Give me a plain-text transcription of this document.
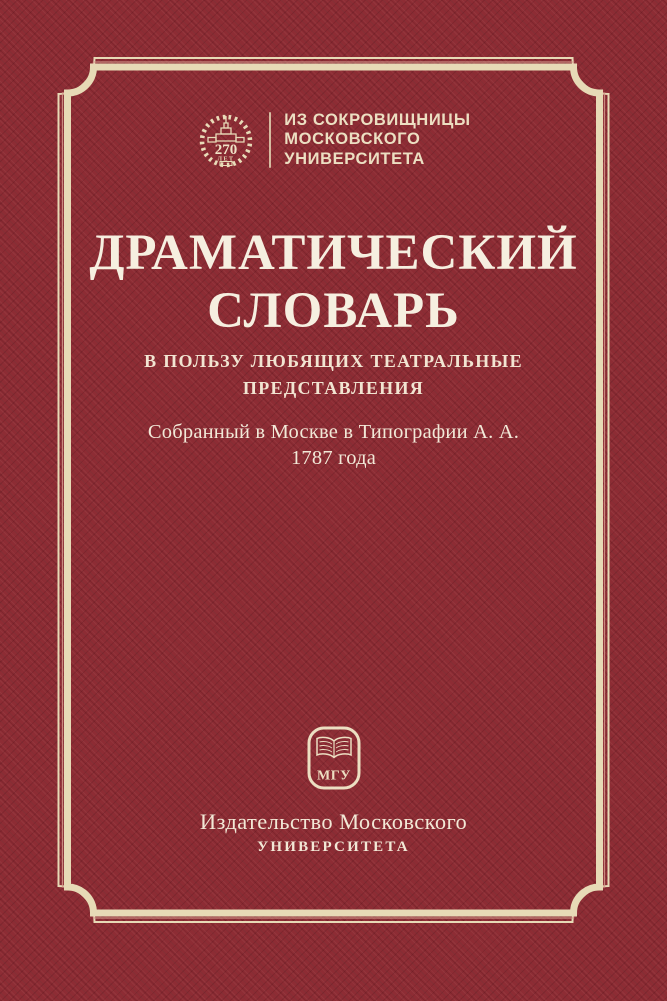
270
ЛЕТ
ИЗ СОКРОВИЩНИЦЫ
МОСКОВСКОГО
УНИВЕРСИТЕТА
ДРАМАТИЧЕСКИЙ
СЛОВАРЬ
В ПОЛЬЗУ ЛЮБЯЩИХ ТЕАТРАЛЬНЫЕ
ПРЕДСТАВЛЕНИЯ
Собранный в Москве в Типографии А. А.
1787 года
МГУ
Издательство Московского
УНИВЕРСИТЕТА
